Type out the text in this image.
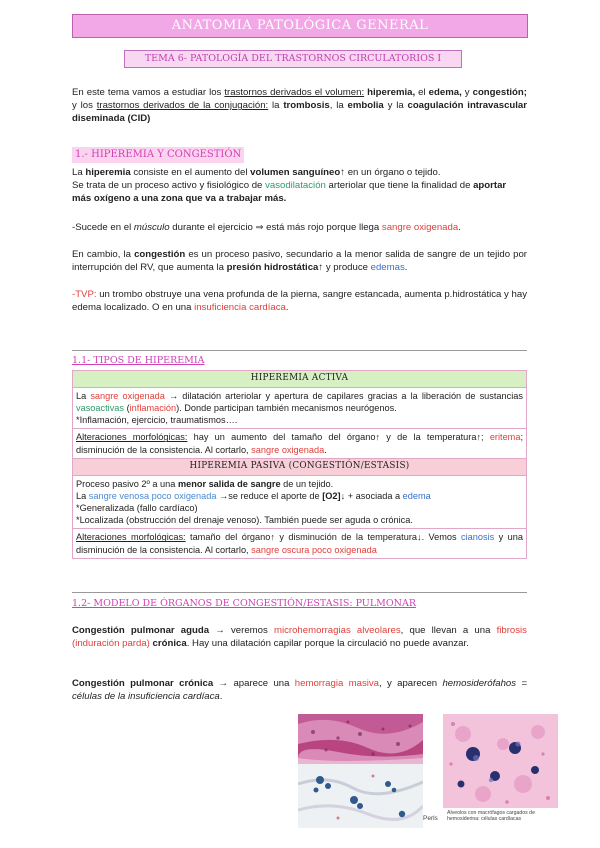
ANATOMIA PATOLÓGICA GENERAL
TEMA 6- PATOLOGÍA DEL TRASTORNOS CIRCULATORIOS I
En este tema vamos a estudiar los trastornos derivados el volumen: hiperemia, el edema, y congestión; y los trastornos derivados de la conjugación: la trombosis, la embolia y la coagulación intravascular diseminada (CID)
1.- HIPEREMIA Y CONGESTIÓN
La hiperemia consiste en el aumento del volumen sanguíneo↑ en un órgano o tejido.
Se trata de un proceso activo y fisiológico de vasodilatación arteriolar que tiene la finalidad de aportar más oxígeno a una zona que va a trabajar más.
-Sucede en el músculo durante el ejercicio ⇒ está más rojo porque llega sangre oxigenada.
En cambio, la congestión es un proceso pasivo, secundario a la menor salida de sangre de un tejido por interrupción del RV, que aumenta la presión hidrostática↑ y produce edemas.
-TVP: un trombo obstruye una vena profunda de la pierna, sangre estancada, aumenta p.hidrostática y hay edema localizado. O en una insuficiencia cardíaca.
1.1- TIPOS DE HIPEREMIA
HIPEREMIA ACTIVA
La sangre oxigenada → dilatación arteriolar y apertura de capilares gracias a la liberación de sustancias vasoactivas (inflamación). Donde participan también mecanismos neurógenos.
*Inflamación, ejercicio, traumatismos….
Alteraciones morfológicas: hay un aumento del tamaño del órgano↑ y de la temperatura↑; eritema; disminución de la consistencia. Al cortarlo, sangre oxigenada.
HIPEREMIA PASIVA (CONGESTIÓN/ESTASIS)
Proceso pasivo 2º a una menor salida de sangre de un tejido.
La sangre venosa poco oxigenada →se reduce el aporte de [O2]↓ + asociada a edema
*Generalizada (fallo cardíaco)
*Localizada (obstrucción del drenaje venoso). También puede ser aguda o crónica.
Alteraciones morfológicas: tamaño del órgano↑ y disminución de la temperatura↓. Vemos cianosis y una disminución de la consistencia. Al cortarlo, sangre oscura poco oxigenada
1.2- MODELO DE ÓRGANOS DE CONGESTIÓN/ESTASIS: PULMONAR
Congestión pulmonar aguda → veremos microhemorragias alveolares, que llevan a una fibrosis (induración parda) crónica. Hay una dilatación capilar porque la circulació no puede avanzar.
Congestión pulmonar crónica → aparece una hemorragia masiva, y aparecen hemosiderófahos = células de la insuficiencia cardíaca.
Perls
Alveolos con macrófagos cargados de hemosiderina: células cardíacas
